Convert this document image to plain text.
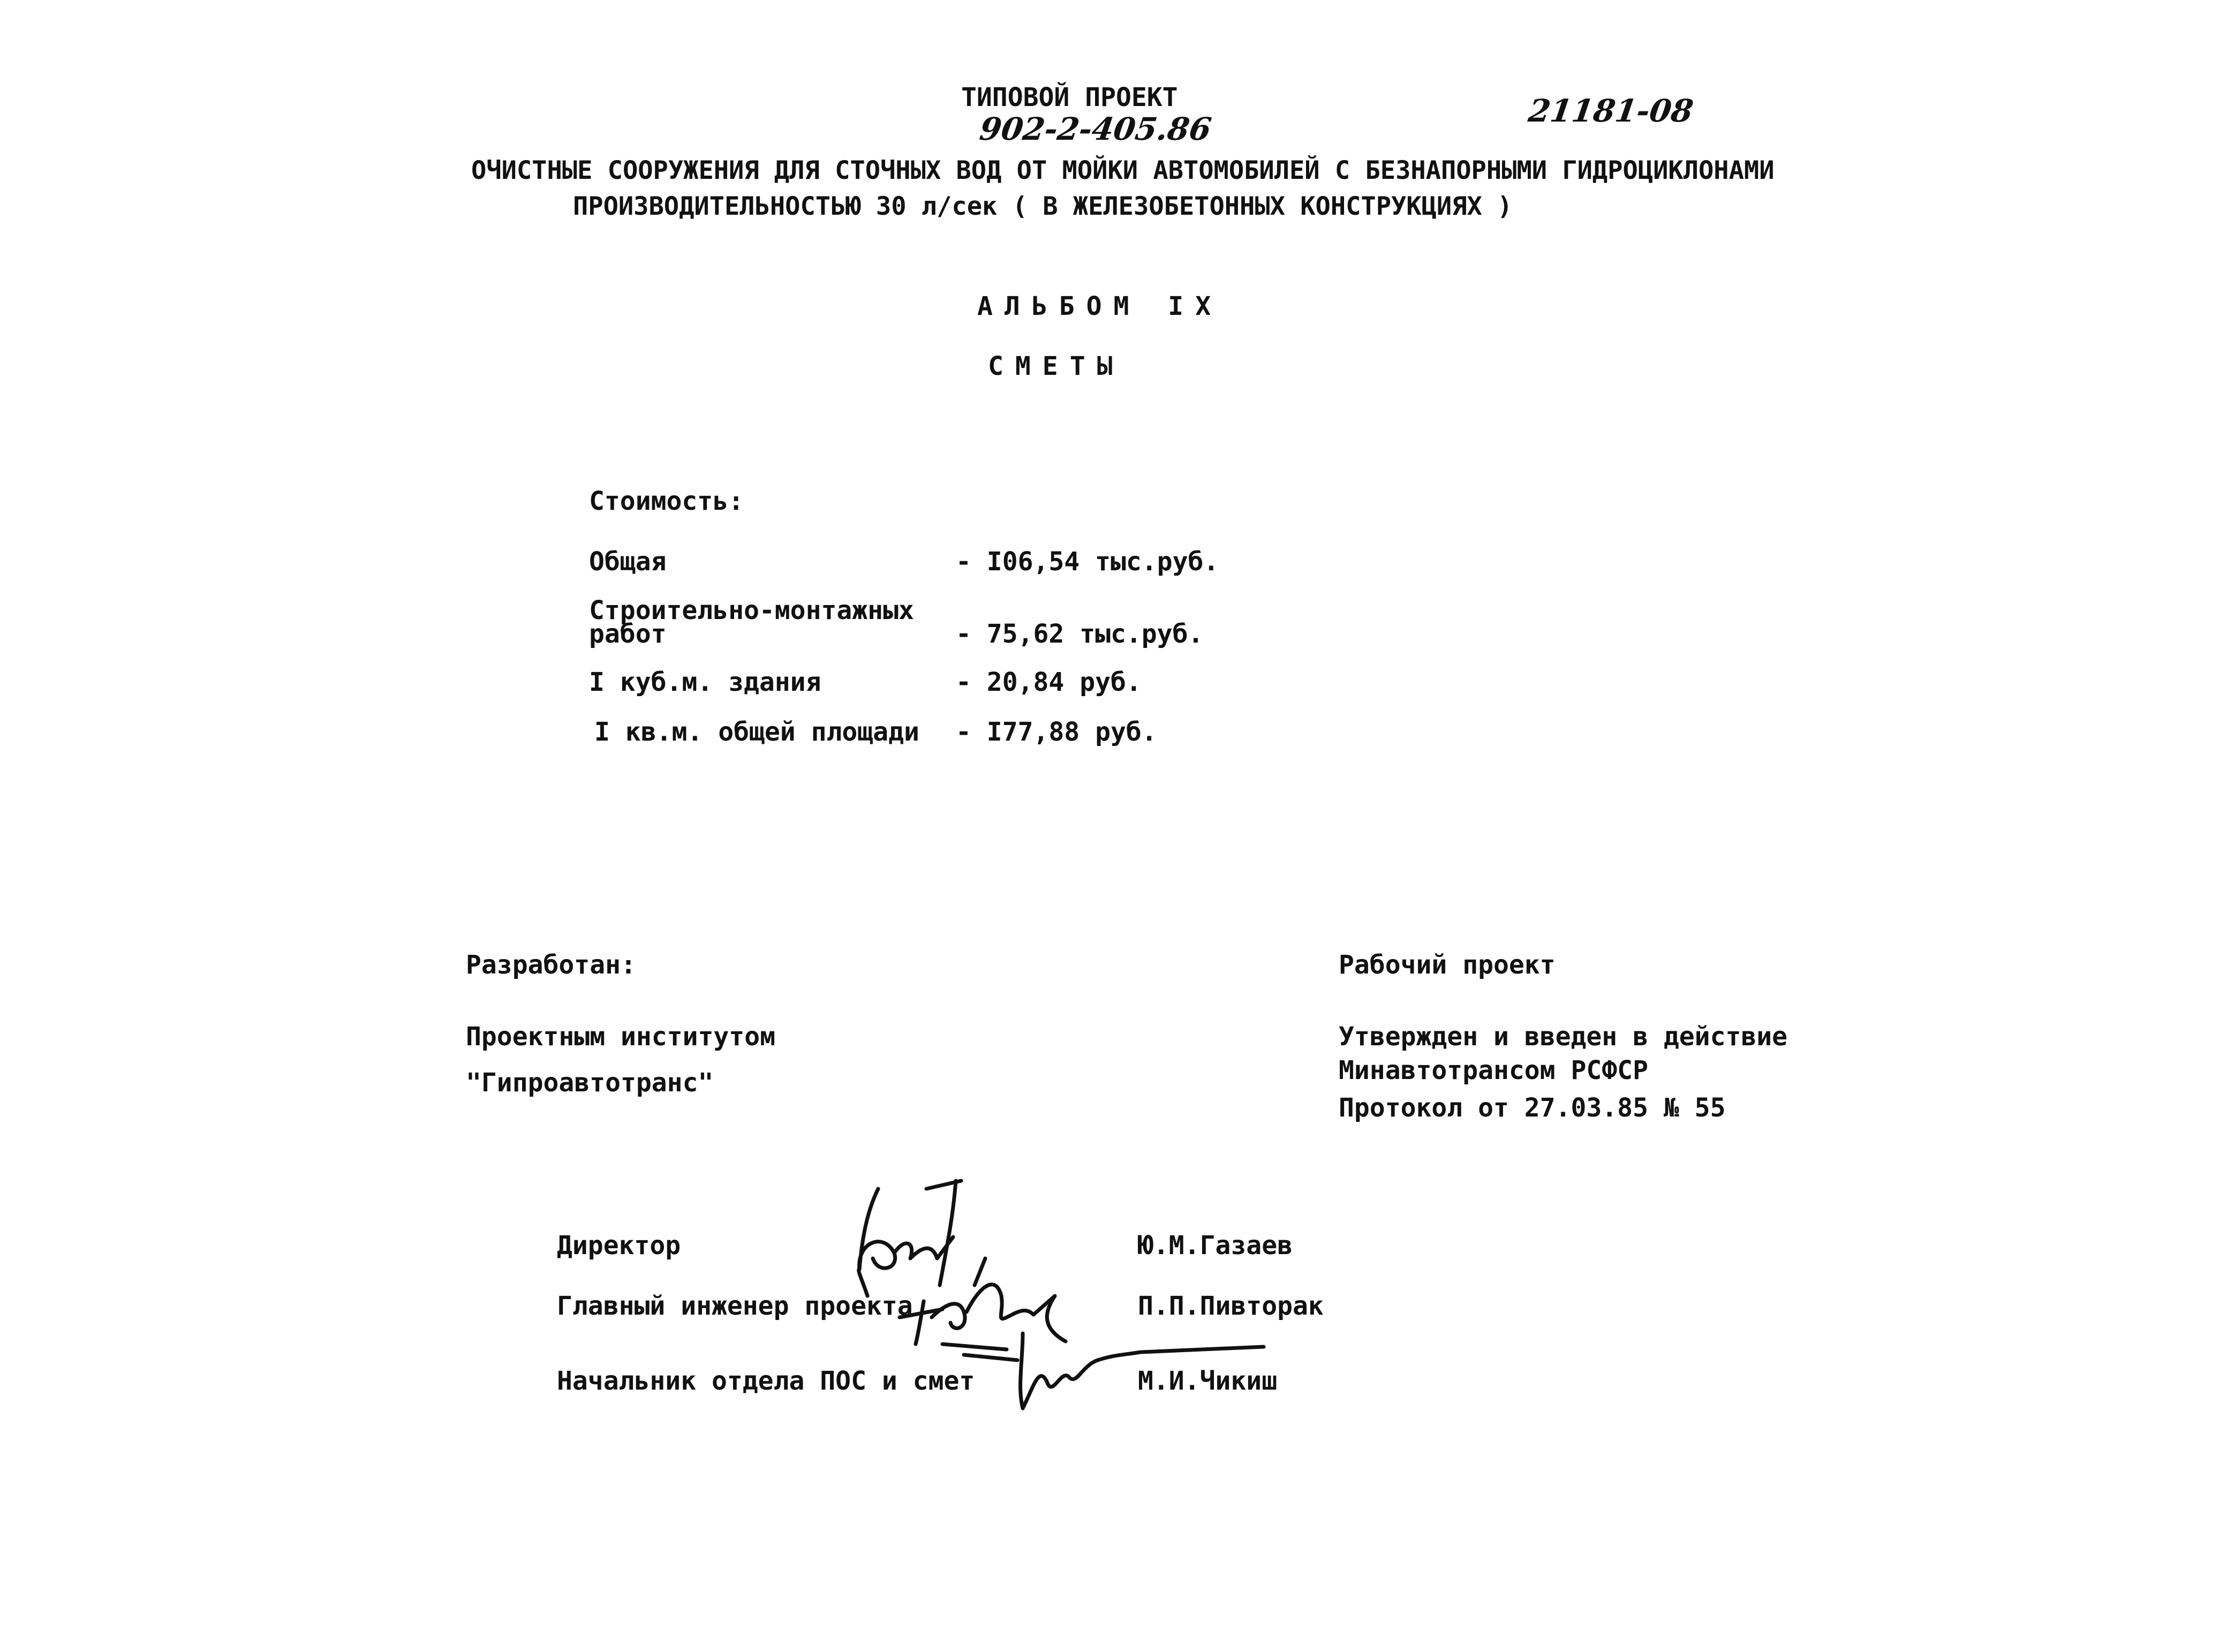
ТИПОВОЙ ПРОЕКТ
902-2-405.86	21181-08
ОЧИСТНЫЕ СООРУЖЕНИЯ ДЛЯ СТОЧНЫХ ВОД ОТ МОЙКИ АВТОМОБИЛЕЙ С БЕЗНАПОРНЫМИ ГИДРОЦИКЛОНАМИ
ПРОИЗВОДИТЕЛЬНОСТЬЮ 30 л/сек ( В ЖЕЛЕЗОБЕТОННЫХ КОНСТРУКЦИЯХ )
АЛЬБОМ IX
СМЕТЫ
Стоимость:
Общая	- I06,54 тыс.руб.
Строительно-монтажных
работ	- 75,62 тыс.руб.
I куб.м. здания	- 20,84 руб.
I кв.м. общей площади - I77,88 руб.
Разработан:
Проектным институтом
"Гипроавтотранс"
Рабочий проект
Утвержден и введен в действие
Минавтотрансом РСФСР
Протокол от 27.03.85 № 55
Директор	Ю.М.Газаев
Главный инженер проекта	П.П.Пивторак
Начальник отдела ПОС и смет	М.И.Чикиш
